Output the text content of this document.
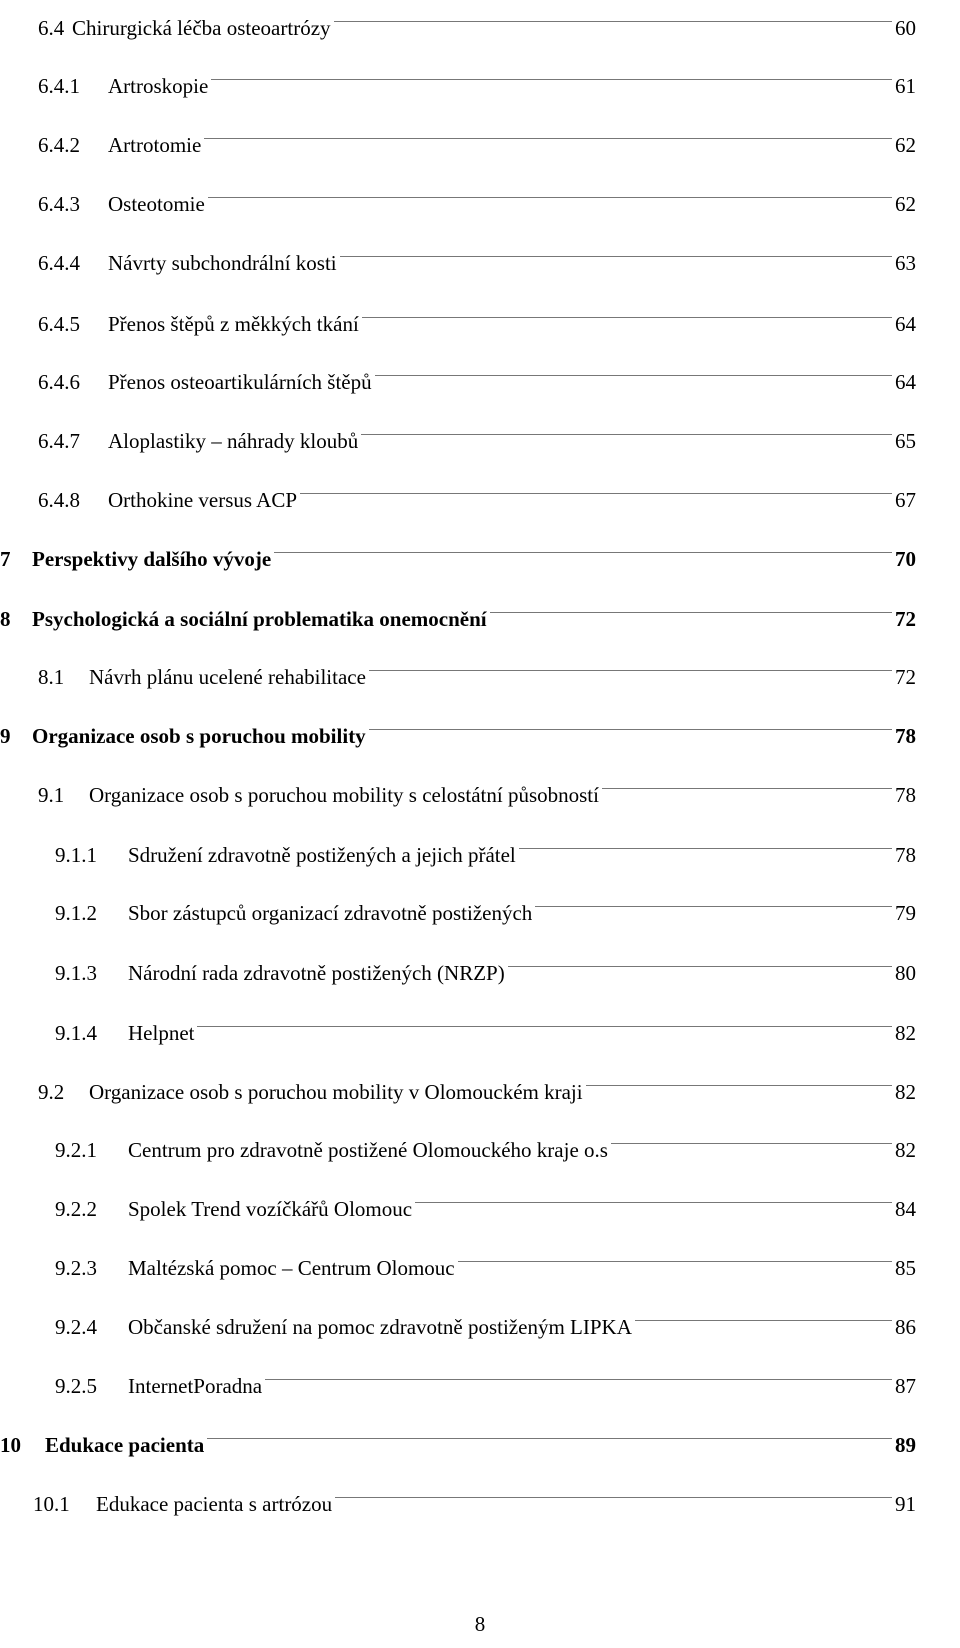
6.4 Chirurgická léčba osteoartrózy	60
6.4.1	Artroskopie	61
6.4.2	Artrotomie	62
6.4.3	Osteotomie	62
6.4.4	Návrty subchondrální kosti	63
6.4.5	Přenos štěpů z měkkých tkání	64
6.4.6	Přenos osteoartikulárních štěpů	64
6.4.7	Aloplastiky – náhrady kloubů	65
6.4.8	Orthokine versus ACP	67
7	Perspektivy dalšího vývoje	70
8	Psychologická a sociální problematika onemocnění	72
8.1	Návrh plánu ucelené rehabilitace	72
9	Organizace osob s poruchou mobility	78
9.1	Organizace osob s poruchou mobility s celostátní působností	78
9.1.1	Sdružení zdravotně postižených a jejich přátel	78
9.1.2	Sbor zástupců organizací zdravotně postižených	79
9.1.3	Národní rada zdravotně postižených (NRZP)	80
9.1.4	Helpnet	82
9.2	Organizace osob s poruchou mobility v Olomouckém kraji	82
9.2.1	Centrum pro zdravotně postižené Olomouckého kraje o.s	82
9.2.2	Spolek Trend vozíčkářů Olomouc	84
9.2.3	Maltézská pomoc – Centrum Olomouc	85
9.2.4	Občanské sdružení na pomoc zdravotně postiženým LIPKA	86
9.2.5	InternetPoradna	87
10	Edukace pacienta	89
10.1	Edukace pacienta s artrózou	91
8
